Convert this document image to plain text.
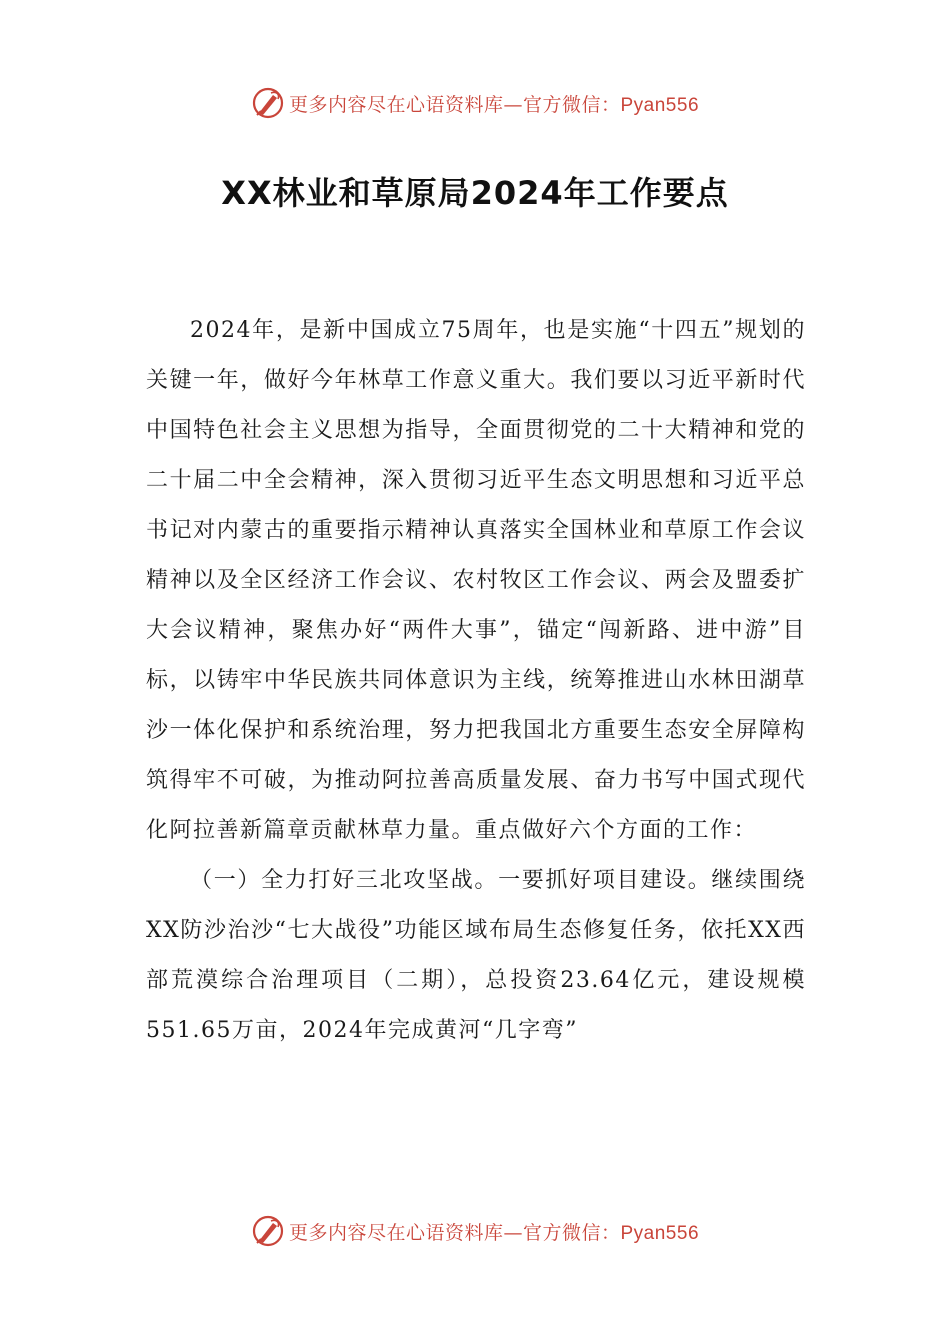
更多内容尽在心语资料库—官方微信：Pyan556
XX林业和草原局2024年工作要点

2024年，是新中国成立75周年，也是实施“十四五”规划的关键一年，做好今年林草工作意义重大。我们要以习近平新时代中国特色社会主义思想为指导，全面贯彻党的二十大精神和党的二十届二中全会精神，深入贯彻习近平生态文明思想和习近平总书记对内蒙古的重要指示精神认真落实全国林业和草原工作会议精神以及全区经济工作会议、农村牧区工作会议、两会及盟委扩大会议精神，聚焦办好“两件大事”，锚定“闯新路、进中游”目标，以铸牢中华民族共同体意识为主线，统筹推进山水林田湖草沙一体化保护和系统治理，努力把我国北方重要生态安全屏障构筑得牢不可破，为推动阿拉善高质量发展、奋力书写中国式现代化阿拉善新篇章贡献林草力量。重点做好六个方面的工作：

（一）全力打好三北攻坚战。一要抓好项目建设。继续围绕XX防沙治沙“七大战役”功能区域布局生态修复任务，依托XX西部荒漠综合治理项目（二期），总投资23.64亿元，建设规模551.65万亩，2024年完成黄河“几字弯”

更多内容尽在心语资料库—官方微信：Pyan556
